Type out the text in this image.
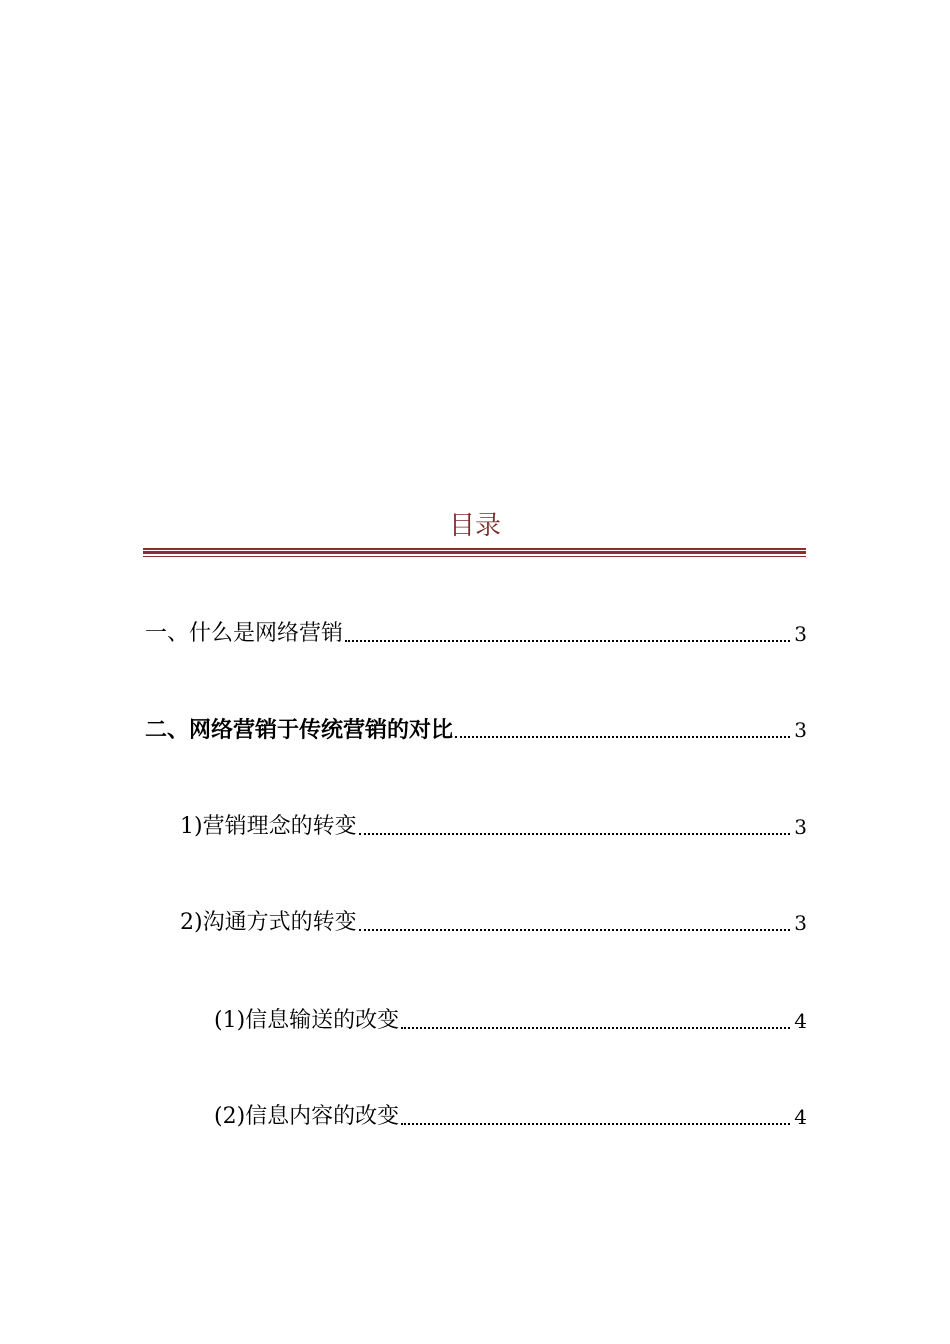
目录
一、什么是网络营销	3
二、网络营销于传统营销的对比	3
1)营销理念的转变	3
2)沟通方式的转变	3
(1)信息输送的改变	4
(2)信息内容的改变	4
